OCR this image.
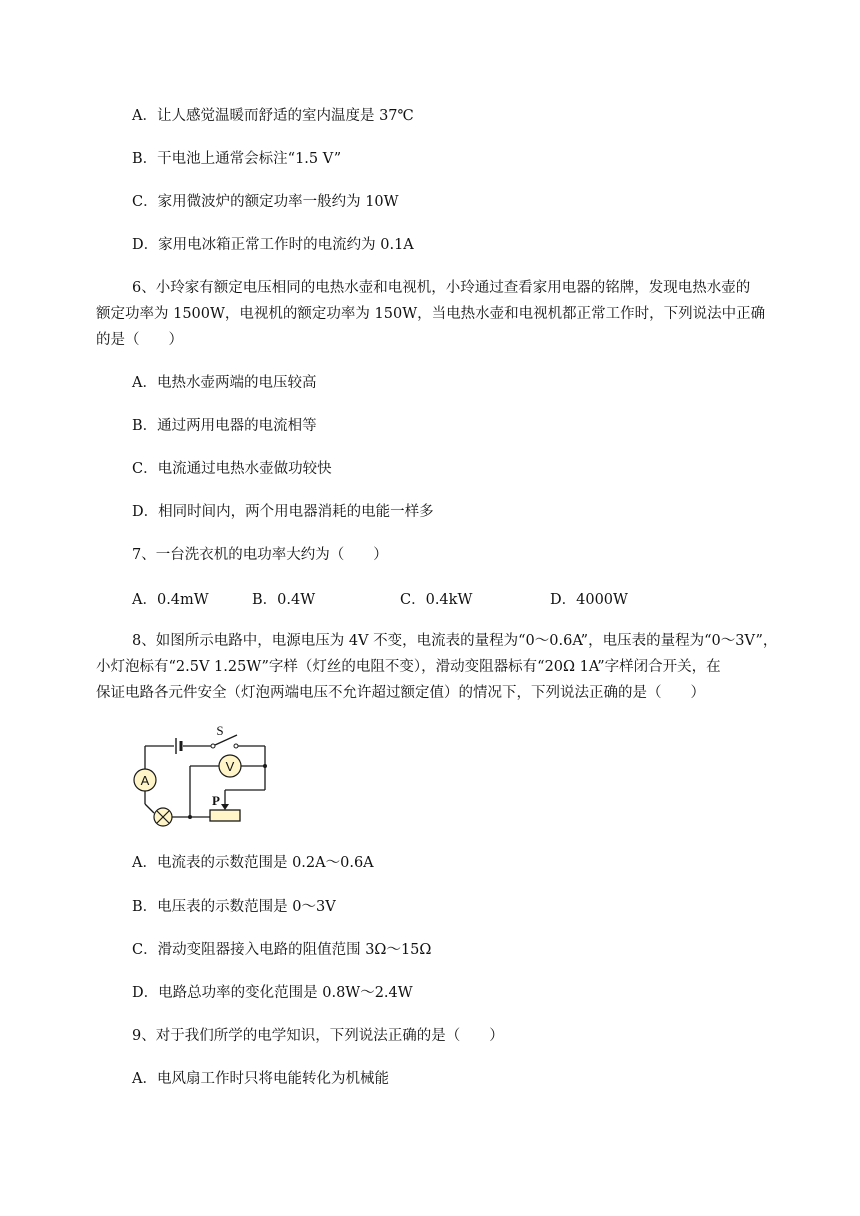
A．让人感觉温暖而舒适的室内温度是 37℃
B．干电池上通常会标注“1.5 V”
C．家用微波炉的额定功率一般约为 10W
D．家用电冰箱正常工作时的电流约为 0.1A
6、小玲家有额定电压相同的电热水壶和电视机，小玲通过查看家用电器的铭牌，发现电热水壶的
额定功率为 1500W，电视机的额定功率为 150W，当电热水壶和电视机都正常工作时，下列说法中正确
的是（　　）
A．电热水壶两端的电压较高
B．通过两用电器的电流相等
C．电流通过电热水壶做功较快
D．相同时间内，两个用电器消耗的电能一样多
7、一台洗衣机的电功率大约为（　　）
A．0.4mW	B．0.4W	C．0.4kW	D．4000W
8、如图所示电路中，电源电压为 4V 不变，电流表的量程为“0～0.6A”，电压表的量程为“0～3V”，
小灯泡标有“2.5V 1.25W”字样（灯丝的电阻不变），滑动变阻器标有“20Ω 1A”字样闭合开关，在
保证电路各元件安全（灯泡两端电压不允许超过额定值）的情况下，下列说法正确的是（　　）
A
V
S
P
A．电流表的示数范围是 0.2A～0.6A
B．电压表的示数范围是 0～3V
C．滑动变阻器接入电路的阻值范围 3Ω～15Ω
D．电路总功率的变化范围是 0.8W～2.4W
9、对于我们所学的电学知识，下列说法正确的是（　　）
A．电风扇工作时只将电能转化为机械能
